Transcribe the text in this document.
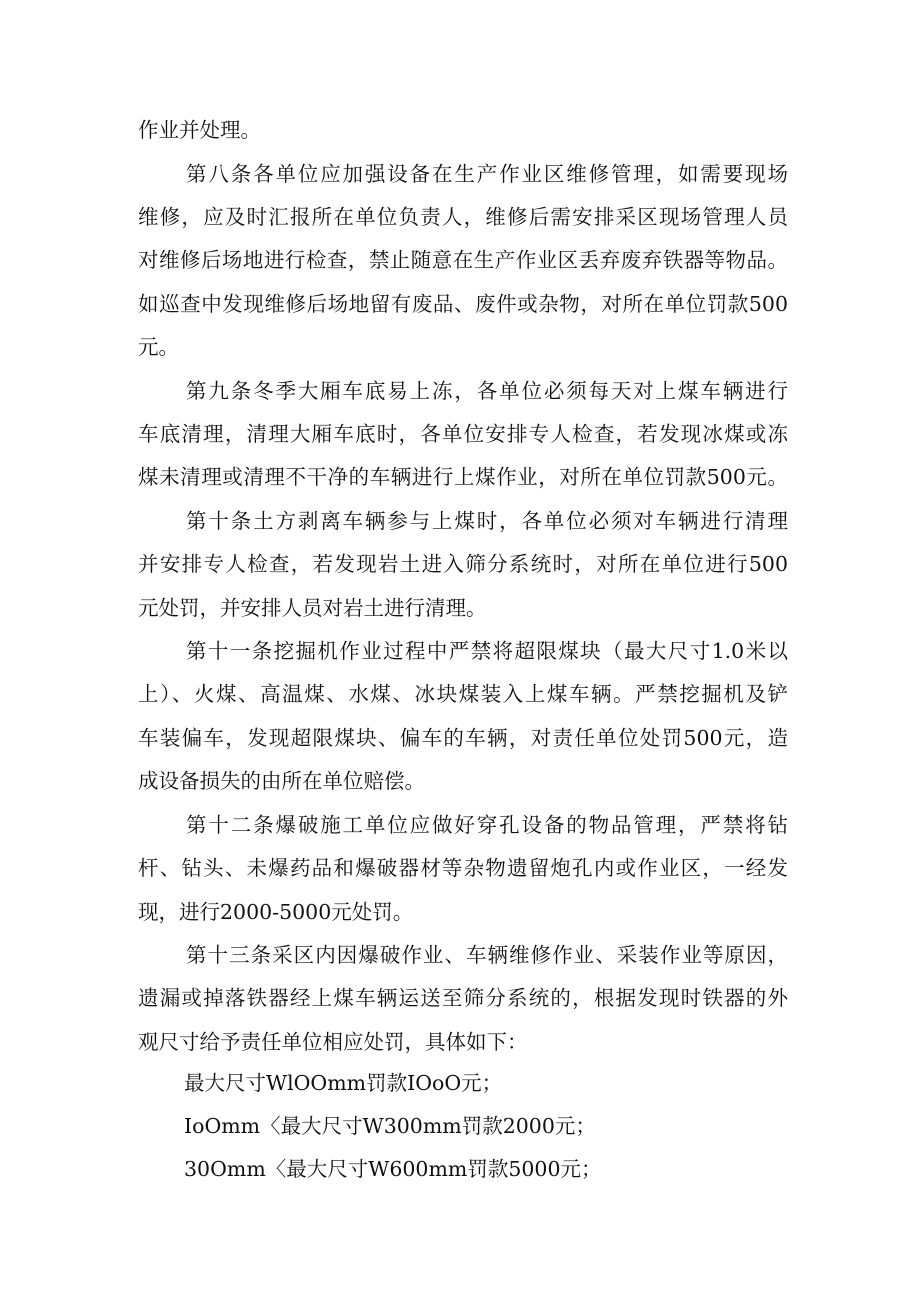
作业并处理。
第八条各单位应加强设备在生产作业区维修管理，如需要现场
维修，应及时汇报所在单位负责人，维修后需安排采区现场管理人员
对维修后场地进行检查，禁止随意在生产作业区丢弃废弃铁器等物品。
如巡查中发现维修后场地留有废品、废件或杂物，对所在单位罚款500
元。
第九条冬季大厢车底易上冻，各单位必须每天对上煤车辆进行
车底清理，清理大厢车底时，各单位安排专人检查，若发现冰煤或冻
煤未清理或清理不干净的车辆进行上煤作业，对所在单位罚款500元。
第十条土方剥离车辆参与上煤时，各单位必须对车辆进行清理
并安排专人检查，若发现岩土进入筛分系统时，对所在单位进行500
元处罚，并安排人员对岩土进行清理。
第十一条挖掘机作业过程中严禁将超限煤块（最大尺寸1.0米以
上）、火煤、高温煤、水煤、冰块煤装入上煤车辆。严禁挖掘机及铲
车装偏车，发现超限煤块、偏车的车辆，对责任单位处罚500元，造
成设备损失的由所在单位赔偿。
第十二条爆破施工单位应做好穿孔设备的物品管理，严禁将钻
杆、钻头、未爆药品和爆破器材等杂物遗留炮孔内或作业区，一经发
现，进行2000-5000元处罚。
第十三条采区内因爆破作业、车辆维修作业、采装作业等原因，
遗漏或掉落铁器经上煤车辆运送至筛分系统的，根据发现时铁器的外
观尺寸给予责任单位相应处罚，具体如下：
最大尺寸WlOOmm罚款IOoO元；
IoOmm〈最大尺寸W300mm罚款2000元；
30Omm〈最大尺寸W600mm罚款5000元；
